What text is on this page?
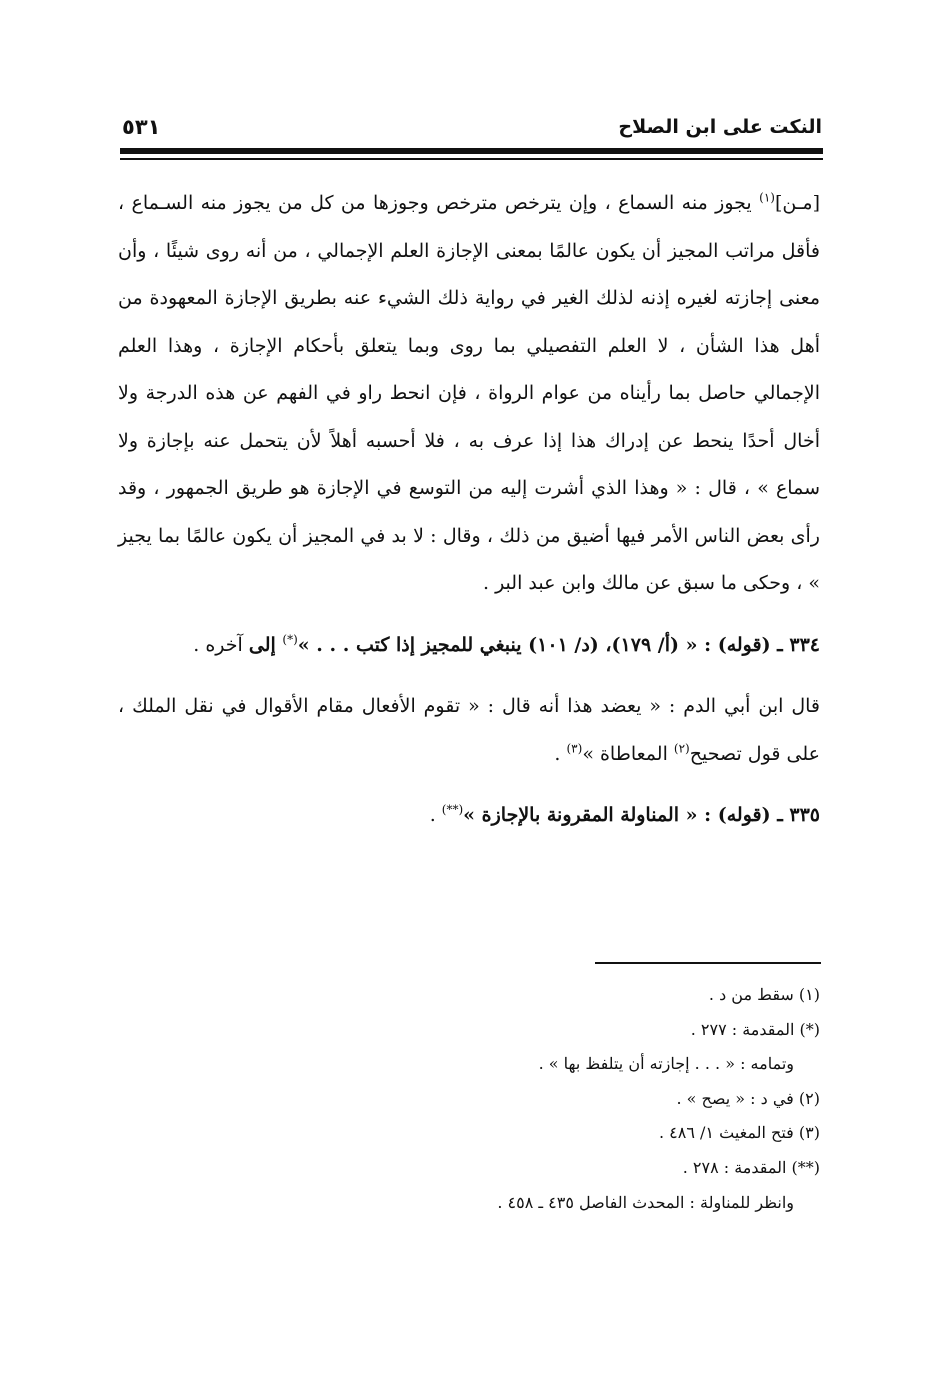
النكت على ابن الصلاح
٥٣١

[مـن]$^{(١)}$ يجوز منه السماع ، وإن يترخص مترخص وجوزها من كل من يجوز منه السـماع ، فأقل مراتب المجيز أن يكون عالمًا بمعنى الإجازة العلم الإجمالي ، من أنه روى شيئًا ، وأن معنى إجازته لغيره إذنه لذلك الغير في رواية ذلك الشيء عنه بطريق الإجازة المعهودة من أهل هذا الشأن ، لا العلم التفصيلي بما روى وبما يتعلق بأحكام الإجازة ، وهذا العلم الإجمالي حاصل بما رأيناه من عوام الرواة ، فإن انحط راو في الفهم عن هذه الدرجة ولا أخال أحدًا ينحط عن إدراك هذا إذا عرف به ، فلا أحسبه أهلاً لأن يتحمل عنه بإجازة ولا سماع » ، قال : « وهذا الذي أشرت إليه من التوسع في الإجازة هو طريق الجمهور ، وقد رأى بعض الناس الأمر فيها أضيق من ذلك ، وقال : لا بد في المجيز أن يكون عالمًا بما يجيز » ، وحكى ما سبق عن مالك وابن عبد البر .

٣٣٤ ـ (قوله) : « (أ/ ١٧٩)، (د/ ١٠١) ينبغي للمجيز إذا كتب . . . »(*) إلى آخره .

قال ابن أبي الدم : « يعضد هذا أنه قال : « تقوم الأفعال مقام الأقوال في نقل الملك ، على قول تصحيح$^{(٢)}$ المعاطاة »$^{(٣)}$ .

٣٣٥ ـ (قوله) : « المناولة المقرونة بالإجازة »(**) .

(١) سقط من د .

(*) المقدمة : ٢٧٧ .

وتمامه : « . . . إجازته أن يتلفظ بها » .

(٢) في د : « يصح » .

(٣) فتح المغيث ١/ ٤٨٦ .

(**) المقدمة : ٢٧٨ .

وانظر للمناولة : المحدث الفاصل ٤٣٥ ـ ٤٥٨ .
